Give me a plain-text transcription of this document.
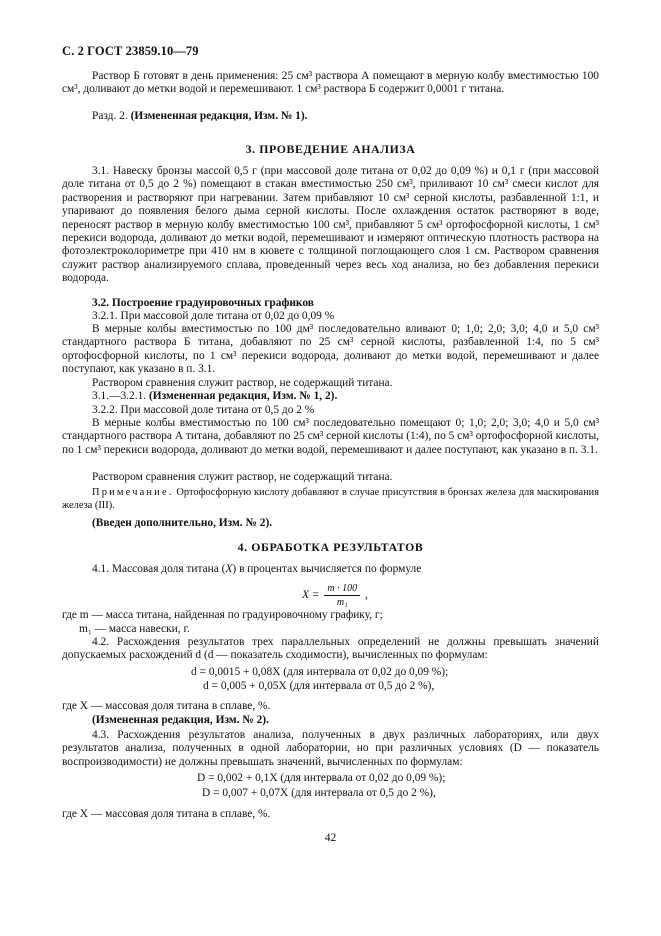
С. 2 ГОСТ 23859.10—79

Раствор Б готовят в день применения: 25 см³ раствора А помещают в мерную колбу вместимостью 100 см³, доливают до метки водой и перемешивают. 1 см³ раствора Б содержит 0,0001 г титана.

Разд. 2. (Измененная редакция, Изм. № 1).

3. ПРОВЕДЕНИЕ АНАЛИЗА

3.1. Навеску бронзы массой 0,5 г (при массовой доле титана от 0,02 до 0,09 %) и 0,1 г (при массовой доле титана от 0,5 до 2 %) помещают в стакан вместимостью 250 см³, приливают 10 см³ смеси кислот для растворения и растворяют при нагревании. Затем прибавляют 10 см³ серной кислоты, разбавленной 1:1, и упаривают до появления белого дыма серной кислоты. После охлаждения остаток растворяют в воде, переносят раствор в мерную колбу вместимостью 100 см³, прибавляют 5 см³ ортофосфорной кислоты, 1 см³ перекиси водорода, доливают до метки водой, перемешивают и измеряют оптическую плотность раствора на фотоэлектроколориметре при 410 нм в кювете с толщиной поглощающего слоя 1 см. Раствором сравнения служит раствор анализируемого сплава, проведенный через весь ход анализа, но без добавления перекиси водорода.

3.2. Построение градуировочных графиков

3.2.1. При массовой доле титана от 0,02 до 0,09 %

В мерные колбы вместимостью по 100 дм³ последовательно вливают 0; 1,0; 2,0; 3,0; 4,0 и 5,0 см³ стандартного раствора Б титана, добавляют по 25 см³ серной кислоты, разбавленной 1:4, по 5 см³ ортофосфорной кислоты, по 1 см³ перекиси водорода, доливают до метки водой, перемешивают и далее поступают, как указано в п. 3.1.

Раствором сравнения служит раствор, не содержащий титана.

3.1.—3.2.1. (Измененная редакция, Изм. № 1, 2).

3.2.2. При массовой доле титана от 0,5 до 2 %

В мерные колбы вместимостью по 100 см³ последовательно помещают 0; 1,0; 2,0; 3,0; 4,0 и 5,0 см³ стандартного раствора А титана, добавляют по 25 см³ серной кислоты (1:4), по 5 см³ ортофосфорной кислоты, по 1 см³ перекиси водорода, доливают до метки водой, перемешивают и далее поступают, как указано в п. 3.1.

Раствором сравнения служит раствор, не содержащий титана.

Примечание. Ортофосфорную кислоту добавляют в случае присутствия в бронзах железа для маскирования железа (III).

(Введен дополнительно, Изм. № 2).

4. ОБРАБОТКА РЕЗУЛЬТАТОВ

4.1. Массовая доля титана (X) в процентах вычисляется по формуле

$X = \frac{m \cdot 100}{\text{m₁}}$ ,

где m — масса титана, найденная по градуировочному графику, г;

m₁ — масса навески, г.

4.2. Расхождения результатов трех параллельных определений не должны превышать значений допускаемых расхождений d (d — показатель сходимости), вычисленных по формулам:

d = 0,0015 + 0,08X (для интервала от 0,02 до 0,09 %);
d = 0,005 + 0,05X (для интервала от 0,5 до 2 %),

где X — массовая доля титана в сплаве, %.

(Измененная редакция, Изм. № 2).

4.3. Расхождения результатов анализа, полученных в двух различных лабораториях, или двух результатов анализа, полученных в одной лаборатории, но при различных условиях (D — показатель воспроизводимости) не должны превышать значений, вычисленных по формулам:

D = 0,002 + 0,1X (для интервала от 0,02 до 0,09 %);
D = 0,007 + 0,07X (для интервала от 0,5 до 2 %),

где X — массовая доля титана в сплаве, %.

42
